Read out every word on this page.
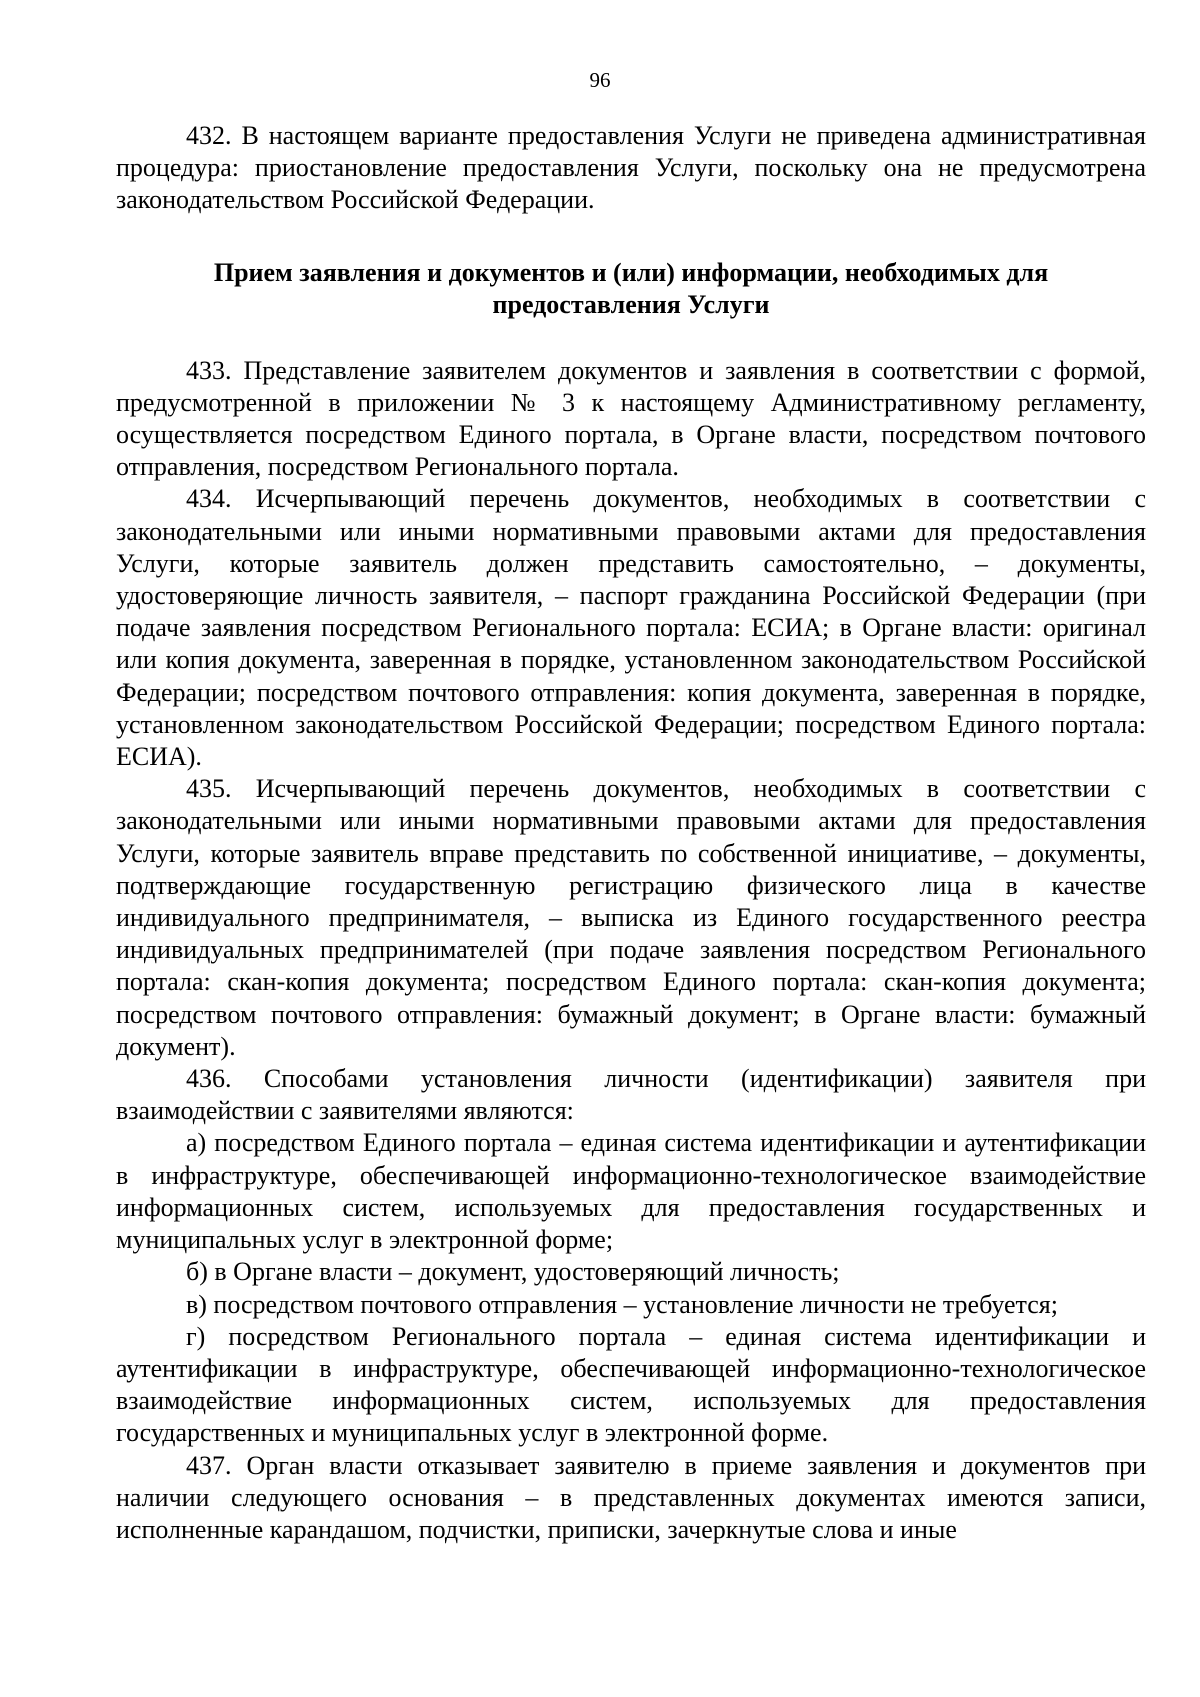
96

432. В настоящем варианте предоставления Услуги не приведена административная процедура: приостановление предоставления Услуги, поскольку она не предусмотрена законодательством Российской Федерации.

Прием заявления и документов и (или) информации, необходимых для
предоставления Услуги

433. Представление заявителем документов и заявления в соответствии с формой, предусмотренной в приложении № 3 к настоящему Административному регламенту, осуществляется посредством Единого портала, в Органе власти, посредством почтового отправления, посредством Регионального портала.

434. Исчерпывающий перечень документов, необходимых в соответствии с законодательными или иными нормативными правовыми актами для предоставления Услуги, которые заявитель должен представить самостоятельно, – документы, удостоверяющие личность заявителя, – паспорт гражданина Российской Федерации (при подаче заявления посредством Регионального портала: ЕСИА; в Органе власти: оригинал или копия документа, заверенная в порядке, установленном законодательством Российской Федерации; посредством почтового отправления: копия документа, заверенная в порядке, установленном законодательством Российской Федерации; посредством Единого портала: ЕСИА).

435. Исчерпывающий перечень документов, необходимых в соответствии с законодательными или иными нормативными правовыми актами для предоставления Услуги, которые заявитель вправе представить по собственной инициативе, – документы, подтверждающие государственную регистрацию физического лица в качестве индивидуального предпринимателя, – выписка из Единого государственного реестра индивидуальных предпринимателей (при подаче заявления посредством Регионального портала: скан-копия документа; посредством Единого портала: скан-копия документа; посредством почтового отправления: бумажный документ; в Органе власти: бумажный документ).

436. Способами установления личности (идентификации) заявителя при взаимодействии с заявителями являются:

а) посредством Единого портала – единая система идентификации и аутентификации в инфраструктуре, обеспечивающей информационно-технологическое взаимодействие информационных систем, используемых для предоставления государственных и муниципальных услуг в электронной форме;

б) в Органе власти – документ, удостоверяющий личность;

в) посредством почтового отправления – установление личности не требуется;

г) посредством Регионального портала – единая система идентификации и аутентификации в инфраструктуре, обеспечивающей информационно-технологическое взаимодействие информационных систем, используемых для предоставления государственных и муниципальных услуг в электронной форме.

437. Орган власти отказывает заявителю в приеме заявления и документов при наличии следующего основания – в представленных документах имеются записи, исполненные карандашом, подчистки, приписки, зачеркнутые слова и иные
